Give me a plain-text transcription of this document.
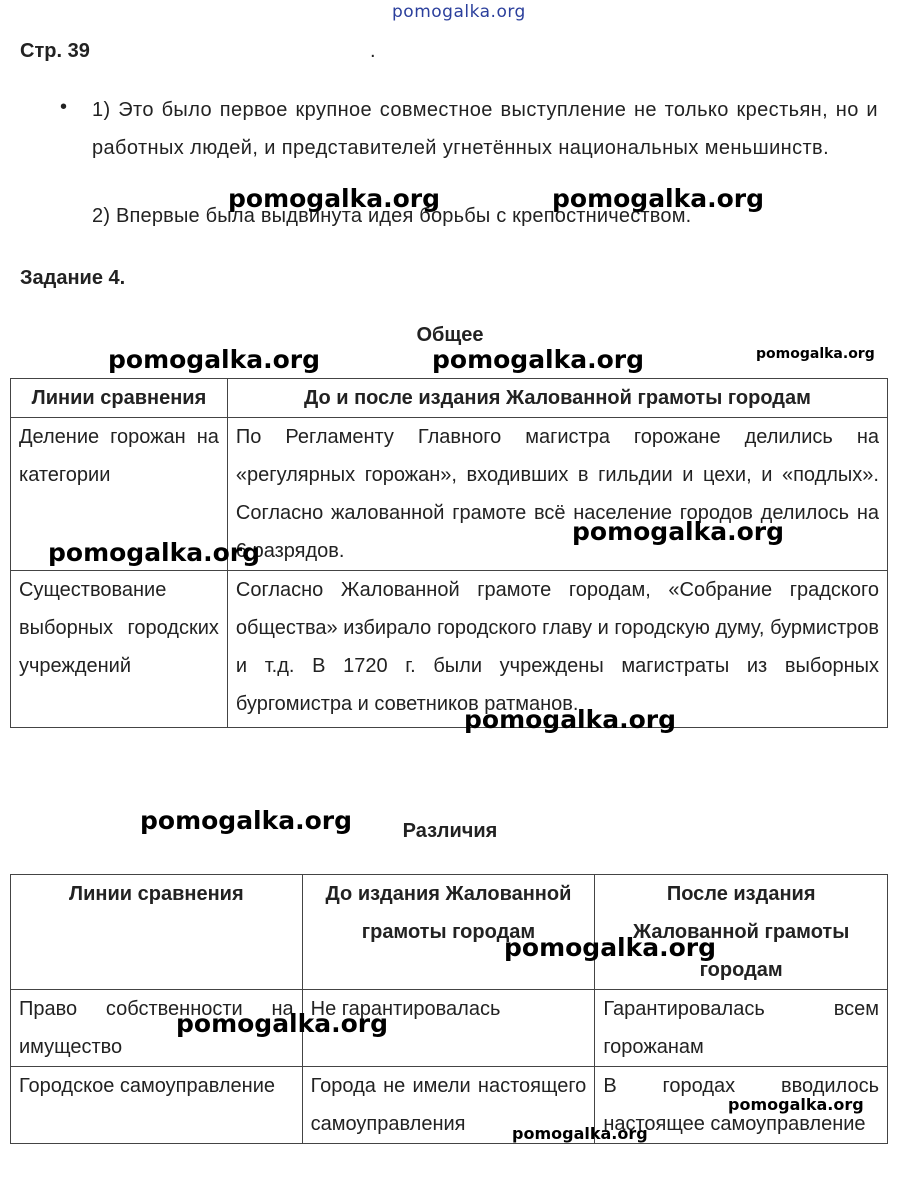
pomogalka.org
Стр. 39	.
• 1) Это было первое крупное совместное выступление не только крестьян, но и работных людей, и представителей угнетённых национальных меньшинств.
2) Впервые была выдвинута идея борьбы с крепостничеством.
Задание 4.
Общее
Линии сравнения	До и после издания Жалованной грамоты городам
Деление горожан на категории	По Регламенту Главного магистра горожане делились на «регулярных горожан», входивших в гильдии и цехи, и «подлых». Согласно жалованной грамоте всё население городов делилось на 6 разрядов.
Существование выборных городских учреждений	Согласно Жалованной грамоте городам, «Собрание градского общества» избирало городского главу и городскую думу, бурмистров и т.д. В 1720 г. были учреждены магистраты из выборных бургомистра и советников ратманов.
Различия
Линии сравнения	До издания Жалованной грамоты городам	После издания Жалованной грамоты городам
Право собственности на имущество	Не гарантировалась	Гарантировалась всем горожанам
Городское самоуправление	Города не имели настоящего самоуправления	В городах вводилось настоящее самоуправление
pomogalka.org	pomogalka.org
pomogalka.org	pomogalka.org	pomogalka.org
pomogalka.org
pomogalka.org
pomogalka.org
pomogalka.org
pomogalka.org
pomogalka.org
pomogalka.org
pomogalka.org
